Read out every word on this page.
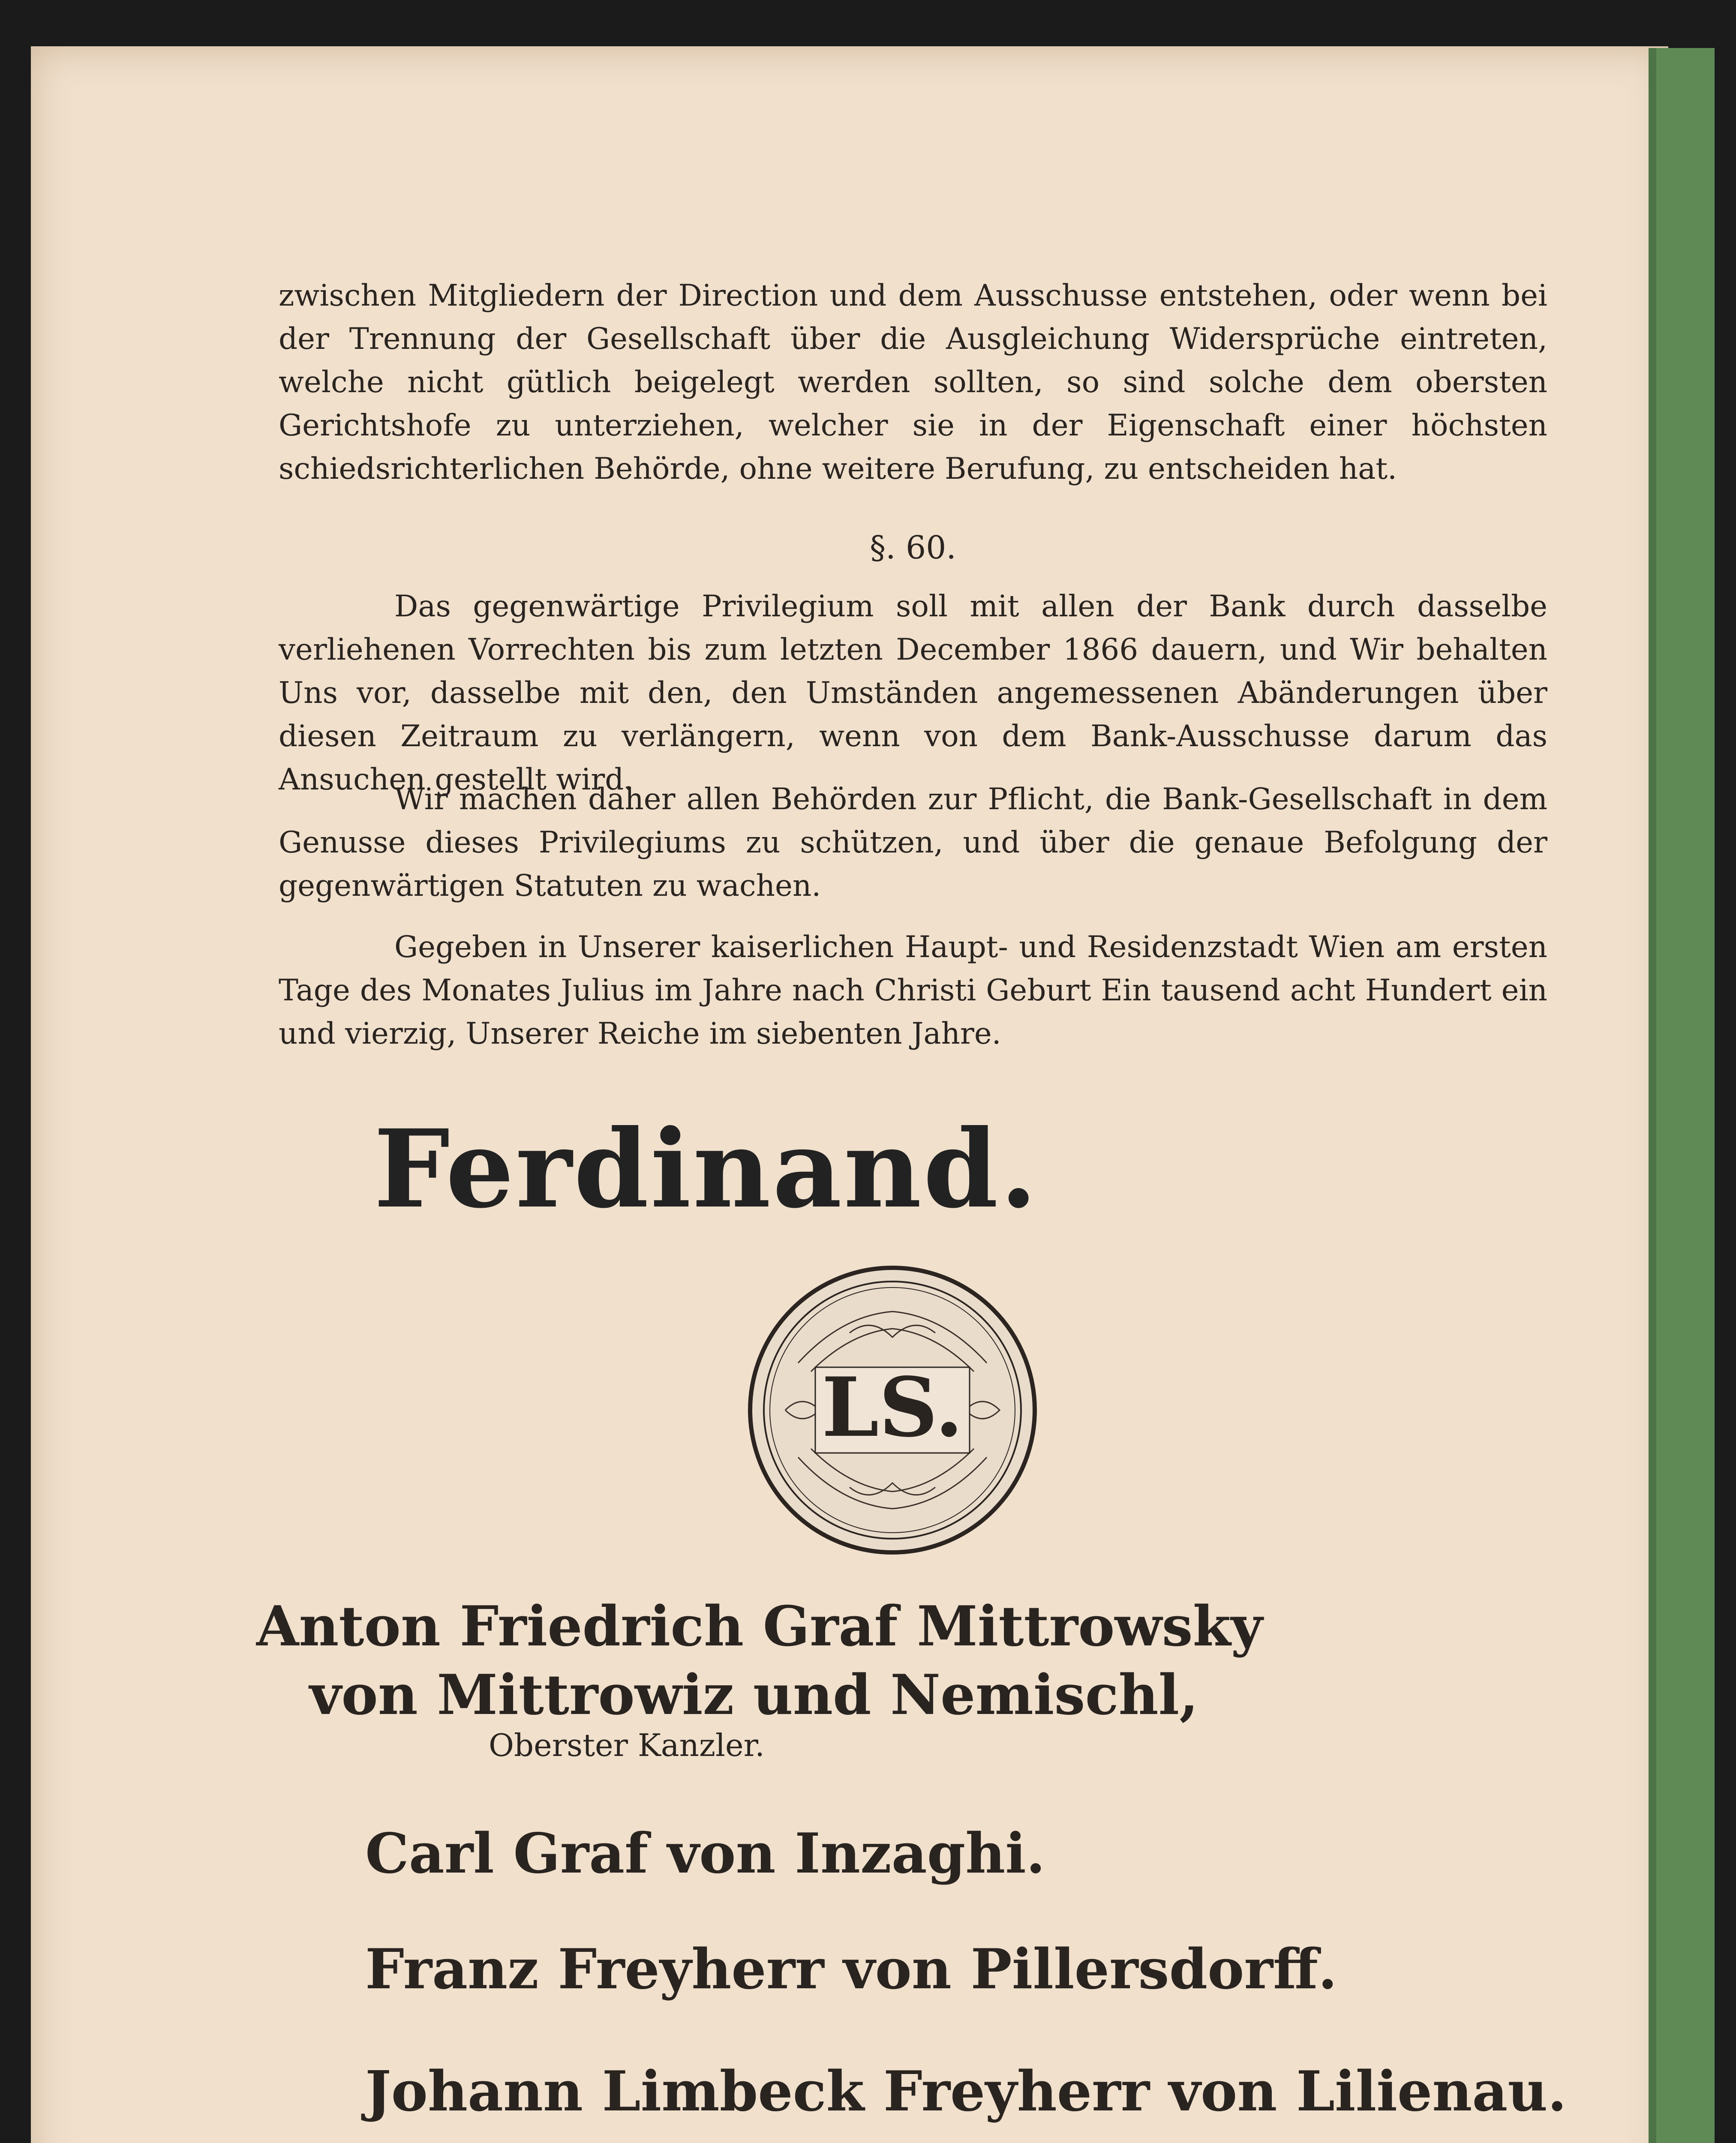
zwischen Mitgliedern der Direction und dem Ausschusse entstehen, oder wenn bei der Trennung der Gesellschaft über die Ausgleichung Widersprüche eintreten, welche nicht gütlich beigelegt werden sollten, so sind solche dem obersten Gerichtshofe zu unterziehen, welcher sie in der Eigenschaft einer höchsten schiedsrichterlichen Behörde, ohne weitere Berufung, zu entscheiden hat.

§. 60.

Das gegenwärtige Privilegium soll mit allen der Bank durch dasselbe verliehenen Vorrechten bis zum letzten December 1866 dauern, und Wir behalten Uns vor, dasselbe mit den, den Umständen angemessenen Abänderungen über diesen Zeitraum zu verlängern, wenn von dem Bank-Ausschusse darum das Ansuchen gestellt wird.

Wir machen daher allen Behörden zur Pflicht, die Bank-Gesellschaft in dem Genusse dieses Privilegiums zu schützen, und über die genaue Befolgung der gegenwärtigen Statuten zu wachen.

Gegeben in Unserer kaiserlichen Haupt- und Residenzstadt Wien am ersten Tage des Monates Julius im Jahre nach Christi Geburt Ein tausend acht Hundert ein und vierzig, Unserer Reiche im siebenten Jahre.

Ferdinand.

LS.

Anton Friedrich Graf Mittrowsky

von Mittrowiz und Nemischl,

Oberster Kanzler.

Carl Graf von Inzaghi.

Franz Freyherr von Pillersdorff.

Johann Limbeck Freyherr von Lilienau.
